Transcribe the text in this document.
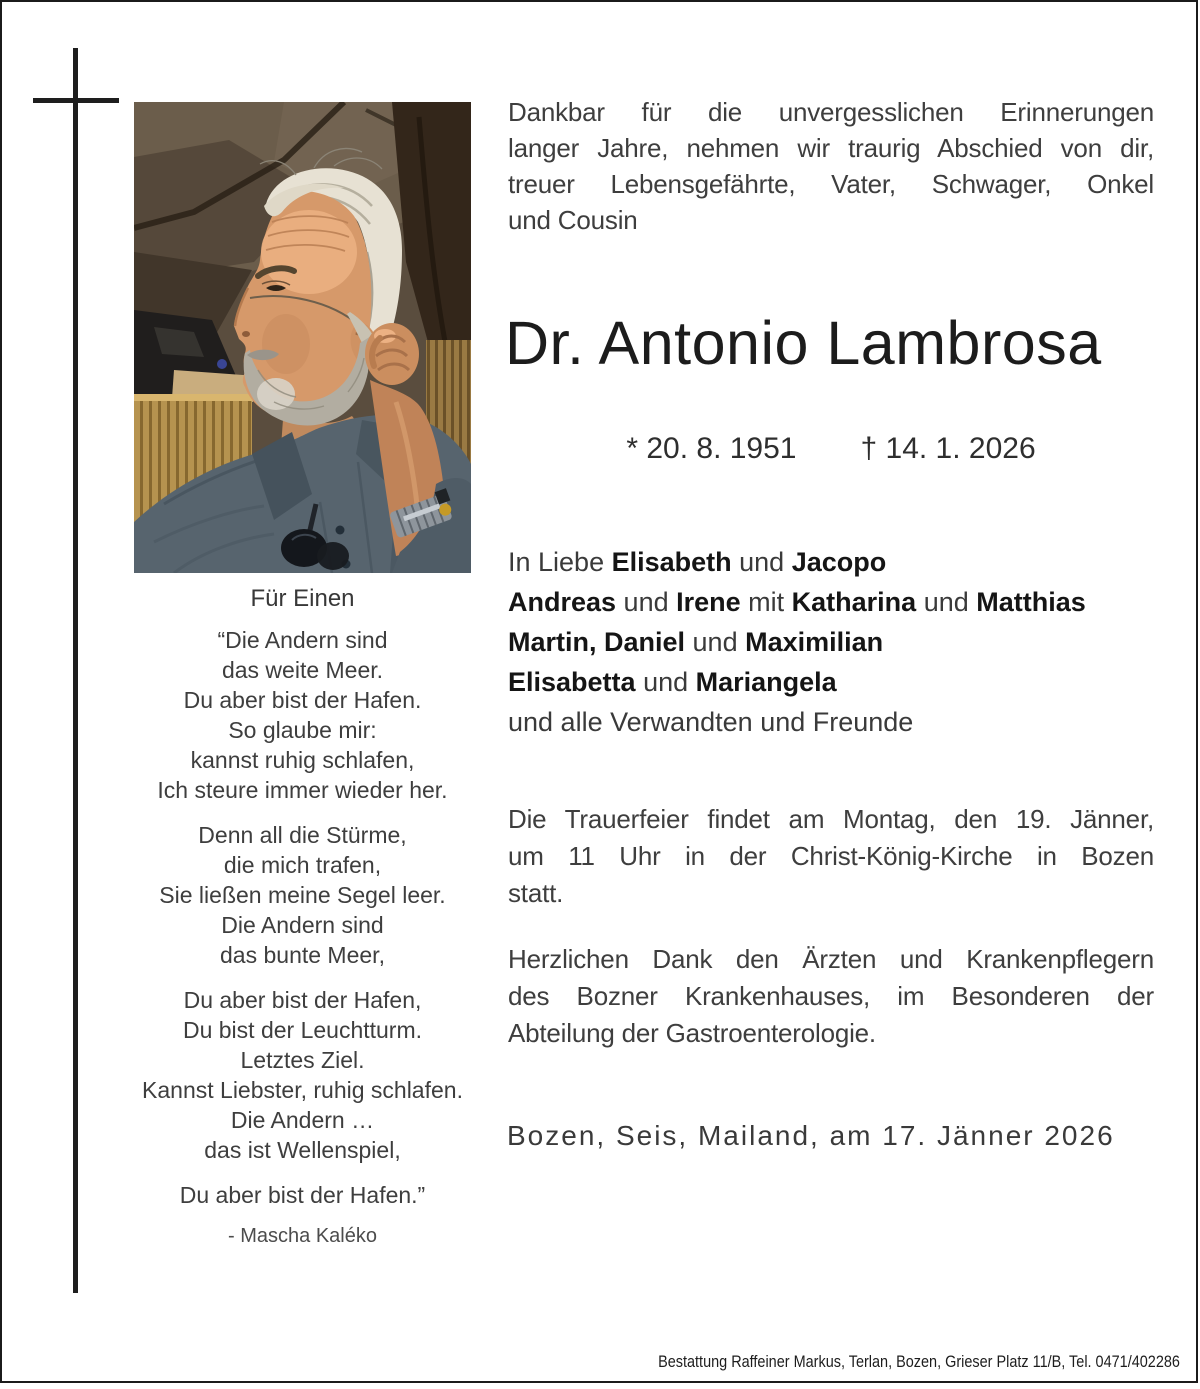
Dankbar für die unvergesslichen Erinnerungen
langer Jahre, nehmen wir traurig Abschied von dir,
treuer Lebensgefährte, Vater, Schwager, Onkel
und Cousin
Dr. Antonio Lambrosa
* 20. 8. 1951 † 14. 1. 2026
In Liebe Elisabeth und Jacopo
Andreas und Irene mit Katharina und Matthias
Martin, Daniel und Maximilian
Elisabetta und Mariangela
und alle Verwandten und Freunde
Die Trauerfeier findet am Montag, den 19. Jänner,
um 11 Uhr in der Christ-König-Kirche in Bozen
statt.
Herzlichen Dank den Ärzten und Krankenpflegern
des Bozner Krankenhauses, im Besonderen der
Abteilung der Gastroenterologie.
Bozen, Seis, Mailand, am 17. Jänner 2026
Für Einen
“Die Andern sind
das weite Meer.
Du aber bist der Hafen.
So glaube mir:
kannst ruhig schlafen,
Ich steure immer wieder her.
Denn all die Stürme,
die mich trafen,
Sie ließen meine Segel leer.
Die Andern sind
das bunte Meer,
Du aber bist der Hafen,
Du bist der Leuchtturm.
Letztes Ziel.
Kannst Liebster, ruhig schlafen.
Die Andern …
das ist Wellenspiel,
Du aber bist der Hafen.”
- Mascha Kaléko
Bestattung Raffeiner Markus, Terlan, Bozen, Grieser Platz 11/B, Tel. 0471/402286
